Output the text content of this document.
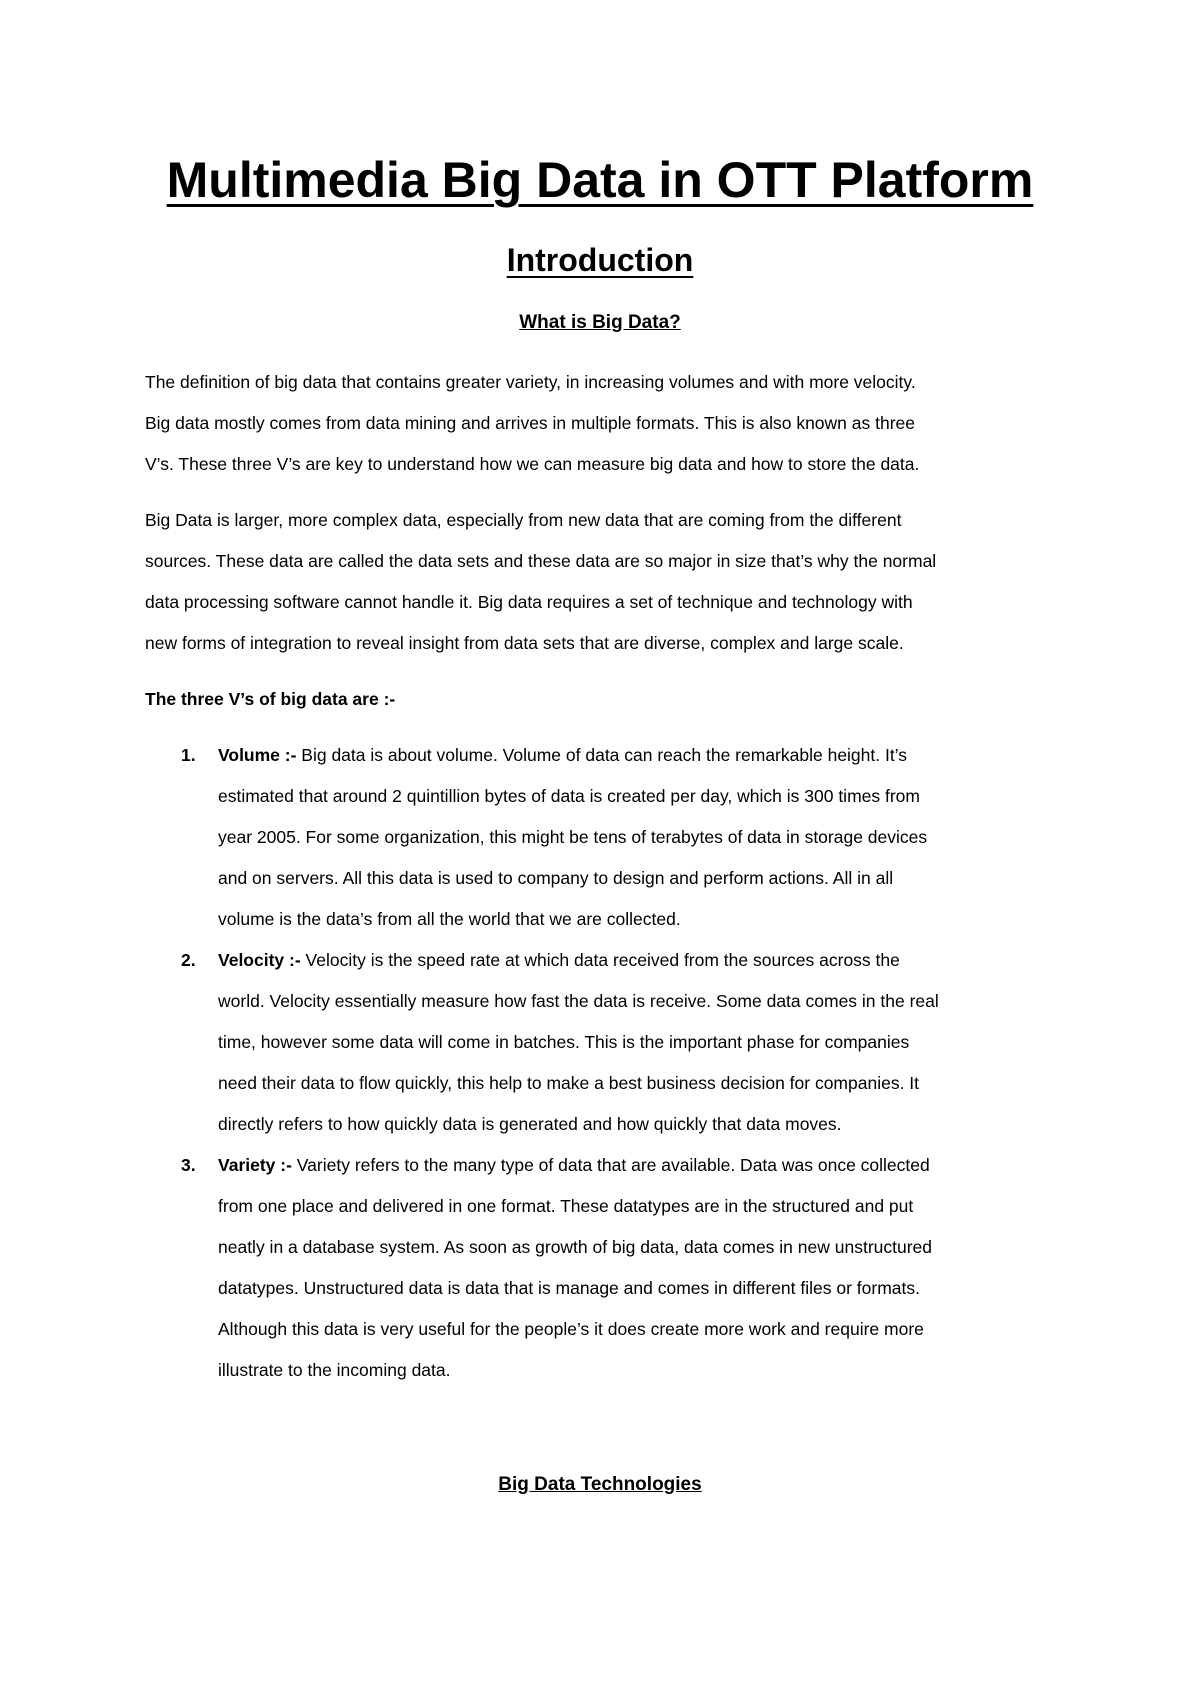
Multimedia Big Data in OTT Platform
Introduction
What is Big Data?

The definition of big data that contains greater variety, in increasing volumes and with more velocity.
Big data mostly comes from data mining and arrives in multiple formats. This is also known as three
V’s. These three V’s are key to understand how we can measure big data and how to store the data.

Big Data is larger, more complex data, especially from new data that are coming from the different
sources. These data are called the data sets and these data are so major in size that’s why the normal
data processing software cannot handle it. Big data requires a set of technique and technology with
new forms of integration to reveal insight from data sets that are diverse, complex and large scale.

The three V’s of big data are :-

1. Volume :- Big data is about volume. Volume of data can reach the remarkable height. It’s
estimated that around 2 quintillion bytes of data is created per day, which is 300 times from
year 2005. For some organization, this might be tens of terabytes of data in storage devices
and on servers. All this data is used to company to design and perform actions. All in all
volume is the data’s from all the world that we are collected.
2. Velocity :- Velocity is the speed rate at which data received from the sources across the
world. Velocity essentially measure how fast the data is receive. Some data comes in the real
time, however some data will come in batches. This is the important phase for companies
need their data to flow quickly, this help to make a best business decision for companies. It
directly refers to how quickly data is generated and how quickly that data moves.
3. Variety :- Variety refers to the many type of data that are available. Data was once collected
from one place and delivered in one format. These datatypes are in the structured and put
neatly in a database system. As soon as growth of big data, data comes in new unstructured
datatypes. Unstructured data is data that is manage and comes in different files or formats.
Although this data is very useful for the people’s it does create more work and require more
illustrate to the incoming data.
Big Data Technologies
